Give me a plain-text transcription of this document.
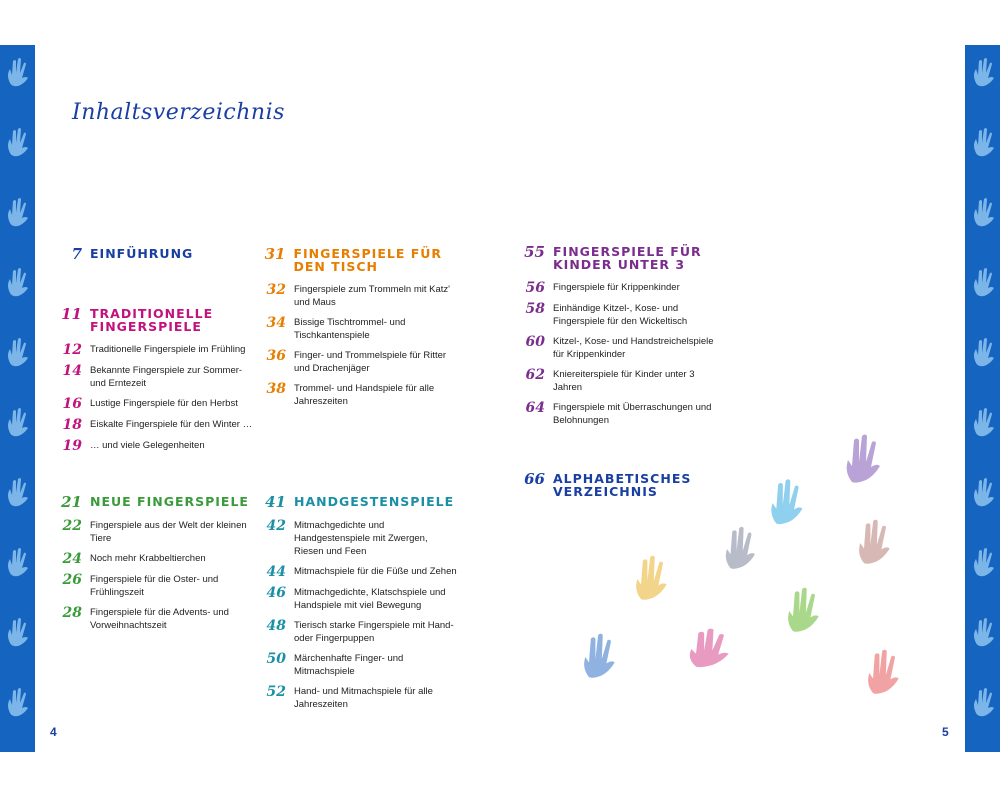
Inhaltsverzeichnis
7 EINFÜHRUNG
11 TRADITIONELLE FINGERSPIELE
12 Traditionelle Fingerspiele im Frühling
14 Bekannte Fingerspiele zur Sommer- und Erntezeit
16 Lustige Fingerspiele für den Herbst
18 Eiskalte Fingerspiele für den Winter …
19 … und viele Gelegenheiten
21 NEUE FINGERSPIELE
22 Fingerspiele aus der Welt der kleinen Tiere
24 Noch mehr Krabbeltierchen
26 Fingerspiele für die Oster- und Frühlingszeit
28 Fingerspiele für die Advents- und Vorweihnachtszeit
31 FINGERSPIELE FÜR DEN TISCH
32 Fingerspiele zum Trommeln mit Katz' und Maus
34 Bissige Tischtrommel- und Tischkantenspiele
36 Finger- und Trommelspiele für Ritter und Drachenjäger
38 Trommel- und Handspiele für alle Jahreszeiten
41 HANDGESTENSPIELE
42 Mitmachgedichte und Handgestenspiele mit Zwergen, Riesen und Feen
44 Mitmachspiele für die Füße und Zehen
46 Mitmachgedichte, Klatschspiele und Handspiele mit viel Bewegung
48 Tierisch starke Fingerspiele mit Hand- oder Fingerpuppen
50 Märchenhafte Finger- und Mitmachspiele
52 Hand- und Mitmachspiele für alle Jahreszeiten
55 FINGERSPIELE FÜR KINDER UNTER 3
56 Fingerspiele für Krippenkinder
58 Einhändige Kitzel-, Kose- und Fingerspiele für den Wickeltisch
60 Kitzel-, Kose- und Handstreichelspiele für Krippenkinder
62 Kniereiterspiele für Kinder unter 3 Jahren
64 Fingerspiele mit Überraschungen und Belohnungen
66 ALPHABETISCHES VERZEICHNIS
4	5
